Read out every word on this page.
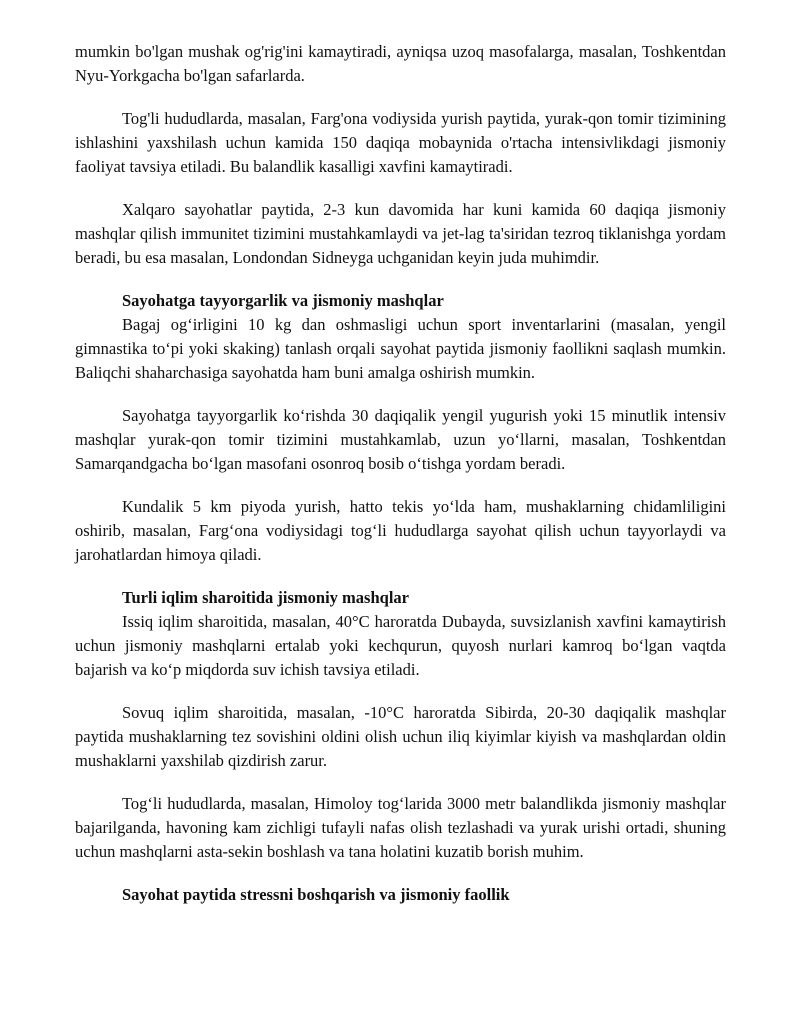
mumkin bo'lgan mushak og'rig'ini kamaytiradi, ayniqsa uzoq masofalarga, masalan, Toshkentdan Nyu-Yorkgacha bo'lgan safarlarda.

Tog'li hududlarda, masalan, Farg'ona vodiysida yurish paytida, yurak-qon tomir tizimining ishlashini yaxshilash uchun kamida 150 daqiqa mobaynida o'rtacha intensivlikdagi jismoniy faoliyat tavsiya etiladi. Bu balandlik kasalligi xavfini kamaytiradi.

Xalqaro sayohatlar paytida, 2-3 kun davomida har kuni kamida 60 daqiqa jismoniy mashqlar qilish immunitet tizimini mustahkamlaydi va jet-lag ta'siridan tezroq tiklanishga yordam beradi, bu esa masalan, Londondan Sidneyga uchganidan keyin juda muhimdir.

Sayohatga tayyorgarlik va jismoniy mashqlar

Bagaj og‘irligini 10 kg dan oshmasligi uchun sport inventarlarini (masalan, yengil gimnastika to‘pi yoki skaking) tanlash orqali sayohat paytida jismoniy faollikni saqlash mumkin. Baliqchi shaharchasiga sayohatda ham buni amalga oshirish mumkin.

Sayohatga tayyorgarlik ko‘rishda 30 daqiqalik yengil yugurish yoki 15 minutlik intensiv mashqlar yurak-qon tomir tizimini mustahkamlab, uzun yo‘llarni, masalan, Toshkentdan Samarqandgacha bo‘lgan masofani osonroq bosib o‘tishga yordam beradi.

Kundalik 5 km piyoda yurish, hatto tekis yo‘lda ham, mushaklarning chidamliligini oshirib, masalan, Farg‘ona vodiysidagi tog‘li hududlarga sayohat qilish uchun tayyorlaydi va jarohatlardan himoya qiladi.

Turli iqlim sharoitida jismoniy mashqlar

Issiq iqlim sharoitida, masalan, 40°C haroratda Dubayda, suvsizlanish xavfini kamaytirish uchun jismoniy mashqlarni ertalab yoki kechqurun, quyosh nurlari kamroq bo‘lgan vaqtda bajarish va ko‘p miqdorda suv ichish tavsiya etiladi.

Sovuq iqlim sharoitida, masalan, -10°C haroratda Sibirda, 20-30 daqiqalik mashqlar paytida mushaklarning tez sovishini oldini olish uchun iliq kiyimlar kiyish va mashqlardan oldin mushaklarni yaxshilab qizdirish zarur.

Tog‘li hududlarda, masalan, Himoloy tog‘larida 3000 metr balandlikda jismoniy mashqlar bajarilganda, havoning kam zichligi tufayli nafas olish tezlashadi va yurak urishi ortadi, shuning uchun mashqlarni asta-sekin boshlash va tana holatini kuzatib borish muhim.

Sayohat paytida stressni boshqarish va jismoniy faollik
